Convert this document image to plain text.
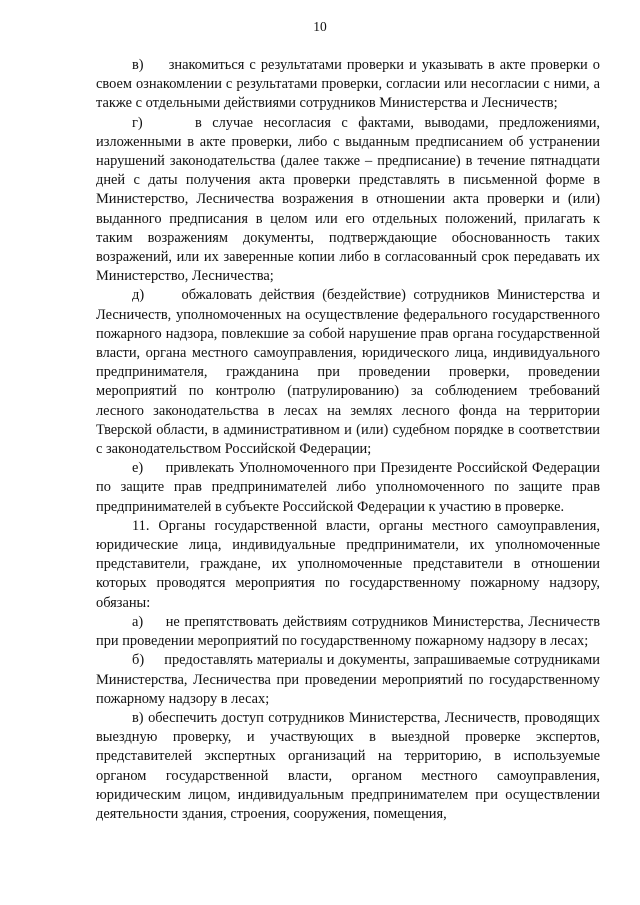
10

в)     знакомиться с результатами проверки и указывать в акте проверки о своем ознакомлении с результатами проверки, согласии или несогласии с ними, а также с отдельными действиями сотрудников Министерства и Лесничеств;

г)     в случае несогласия с фактами, выводами, предложениями, изложенными в акте проверки, либо с выданным предписанием об устранении нарушений законодательства (далее также – предписание) в течение пятнадцати дней с даты получения акта проверки представлять в письменной форме в Министерство, Лесничества возражения в отношении акта проверки и (или) выданного предписания в целом или его отдельных положений, прилагать к таким возражениям документы, подтверждающие обоснованность таких возражений, или их заверенные копии либо в согласованный срок передавать их Министерство, Лесничества;

д)     обжаловать действия (бездействие) сотрудников Министерства и Лесничеств, уполномоченных на осуществление федерального государственного пожарного надзора, повлекшие за собой нарушение прав органа государственной власти, органа местного самоуправления, юридического лица, индивидуального предпринимателя, гражданина при проведении проверки, проведении мероприятий по контролю (патрулированию) за соблюдением требований лесного законодательства в лесах на землях лесного фонда на территории Тверской области, в административном и (или) судебном порядке в соответствии с законодательством Российской Федерации;

е)     привлекать Уполномоченного при Президенте Российской Федерации по защите прав предпринимателей либо уполномоченного по защите прав предпринимателей в субъекте Российской Федерации к участию в проверке.

11. Органы государственной власти, органы местного самоуправления, юридические лица, индивидуальные предприниматели, их уполномоченные представители, граждане, их уполномоченные представители в отношении которых проводятся мероприятия по государственному пожарному надзору, обязаны:

а)     не препятствовать действиям сотрудников Министерства, Лесничеств при проведении мероприятий по государственному пожарному надзору в лесах;

б)     предоставлять материалы и документы, запрашиваемые сотрудниками Министерства, Лесничества при проведении мероприятий по государственному пожарному надзору в лесах;

в) обеспечить доступ сотрудников Министерства, Лесничеств, проводящих выездную проверку, и участвующих в выездной проверке экспертов, представителей экспертных организаций на территорию, в используемые органом государственной власти, органом местного самоуправления, юридическим лицом, индивидуальным предпринимателем при осуществлении деятельности здания, строения, сооружения, помещения,
